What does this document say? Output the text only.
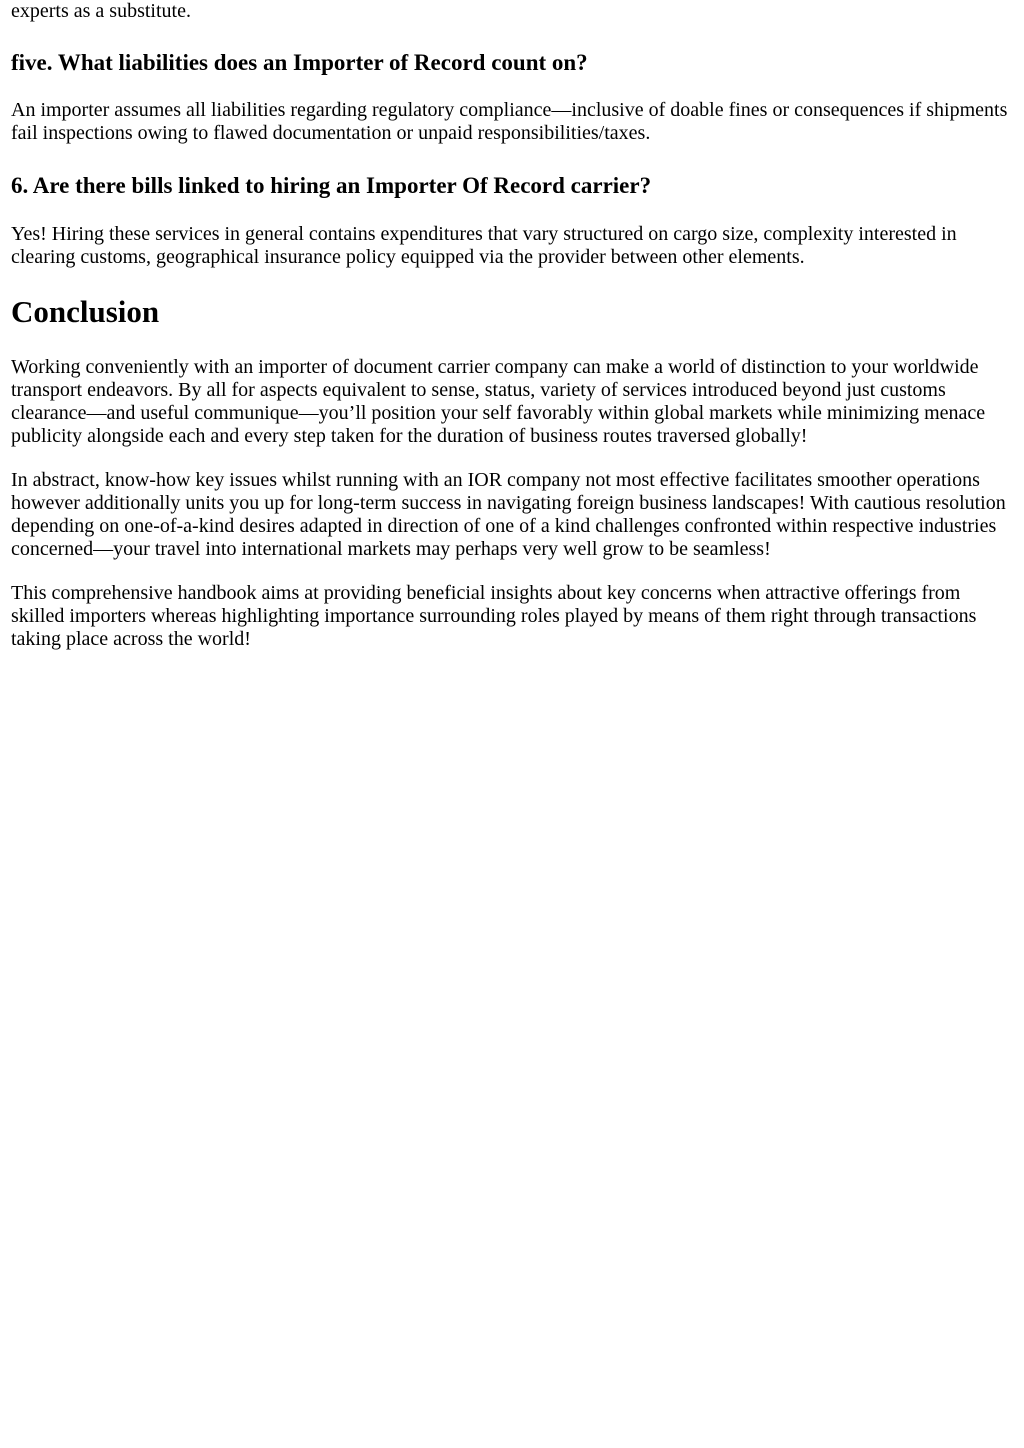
experts as a substitute.

five. What liabilities does an Importer of Record count on?

An importer assumes all liabilities regarding regulatory compliance—inclusive of doable fines or consequences if shipments fail inspections owing to flawed documentation or unpaid responsibilities/taxes.

6. Are there bills linked to hiring an Importer Of Record carrier?

Yes! Hiring these services in general contains expenditures that vary structured on cargo size, complexity interested in clearing customs, geographical insurance policy equipped via the provider between other elements.

Conclusion

Working conveniently with an importer of document carrier company can make a world of distinction to your worldwide transport endeavors. By all for aspects equivalent to sense, status, variety of services introduced beyond just customs clearance—and useful communique—you’ll position your self favorably within global markets while minimizing menace publicity alongside each and every step taken for the duration of business routes traversed globally!

In abstract, know-how key issues whilst running with an IOR company not most effective facilitates smoother operations however additionally units you up for long-term success in navigating foreign business landscapes! With cautious resolution depending on one-of-a-kind desires adapted in direction of one of a kind challenges confronted within respective industries concerned—your travel into international markets may perhaps very well grow to be seamless!

This comprehensive handbook aims at providing beneficial insights about key concerns when attractive offerings from skilled importers whereas highlighting importance surrounding roles played by means of them right through transactions taking place across the world!
